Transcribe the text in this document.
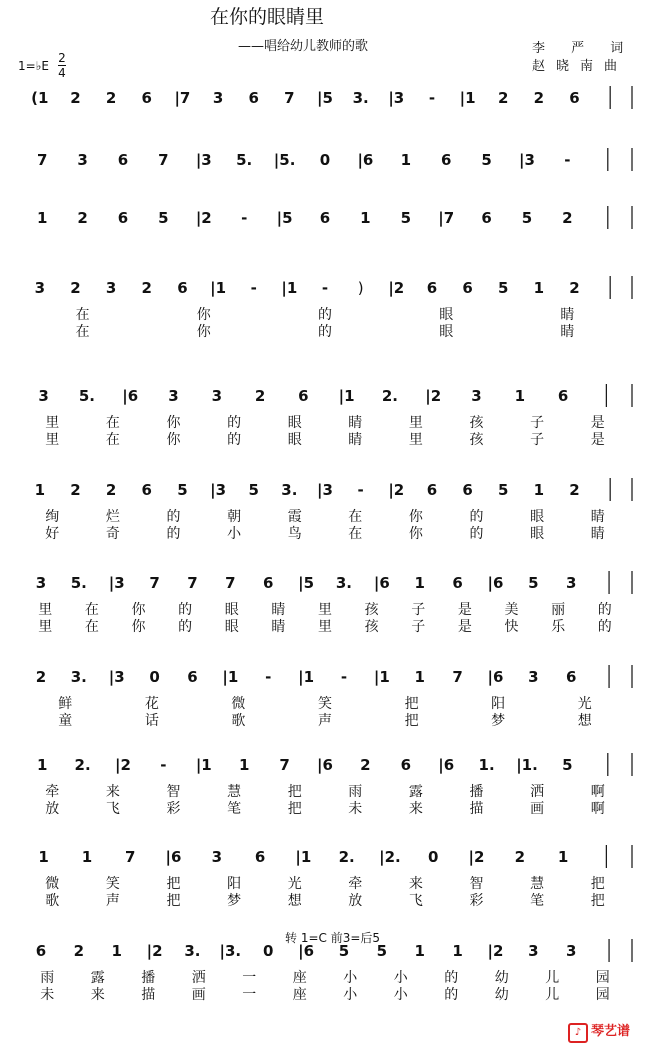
在你的眼睛里
——唱给幼儿教师的歌	李 严 词
赵晓南曲
1=♭E
2
4
转 1=C 前3=后5
(1 2 2 6 |7 3 6 7 |5 3. |3 - |1 2 2 6
7 3 6 7 |3 5. |5. 0 |6 1 6 5 |3 -
1 2 6 5 |2 - |5 6 1 5 |7 6 5 2
3 2 3 2 6 |1 - |1 - ) |2 6 6 5 1 2
在	你	的	眼	睛
在	你	的	眼	睛
3 5. |6 3 3 2 6 |1 2. |2 3 1 6
里	在	你	的	眼	睛	里	孩	子	是
里	在	你	的	眼	睛	里	孩	子	是
1 2 2 6 5 |3 5 3. |3 - |2 6 6 5 1 2
绚	烂	的	朝	霞	在	你	的	眼	睛
好	奇	的	小	鸟	在	你	的	眼	睛
3 5. |3 7 7 7 6 |5 3. |6 1 6 |6 5 3
里 在 你 的 眼 睛 里 孩 子 是 美 丽 的
里 在 你 的 眼 睛 里 孩 子 是 快 乐 的
2 3. |3 0 6 |1 - |1 - |1 1 7 |6 3 6
鲜	花	微	笑	把	阳	光
童	话	歌	声	把	梦	想
1 2. |2 - |1 1 7 |6 2 6 |6 1. |1. 5
牵	来	智	慧	把	雨	露	播	洒	啊
放	飞	彩	笔	把	未	来	描	画	啊
1 1 7 |6 3 6 |1 2. |2. 0 |2 2 1
微	笑	把	阳	光	牵	来	智	慧	把
歌	声	把	梦	想	放	飞	彩	笔	把
6 2 1 |2 3. |3. 0 |6 5 5 1 1 |2 3 3
雨	露	播	洒	一	座	小	小	的	幼	儿	园
未	来	描	画	一	座	小	小	的	幼	儿	园
♪ 琴艺谱
